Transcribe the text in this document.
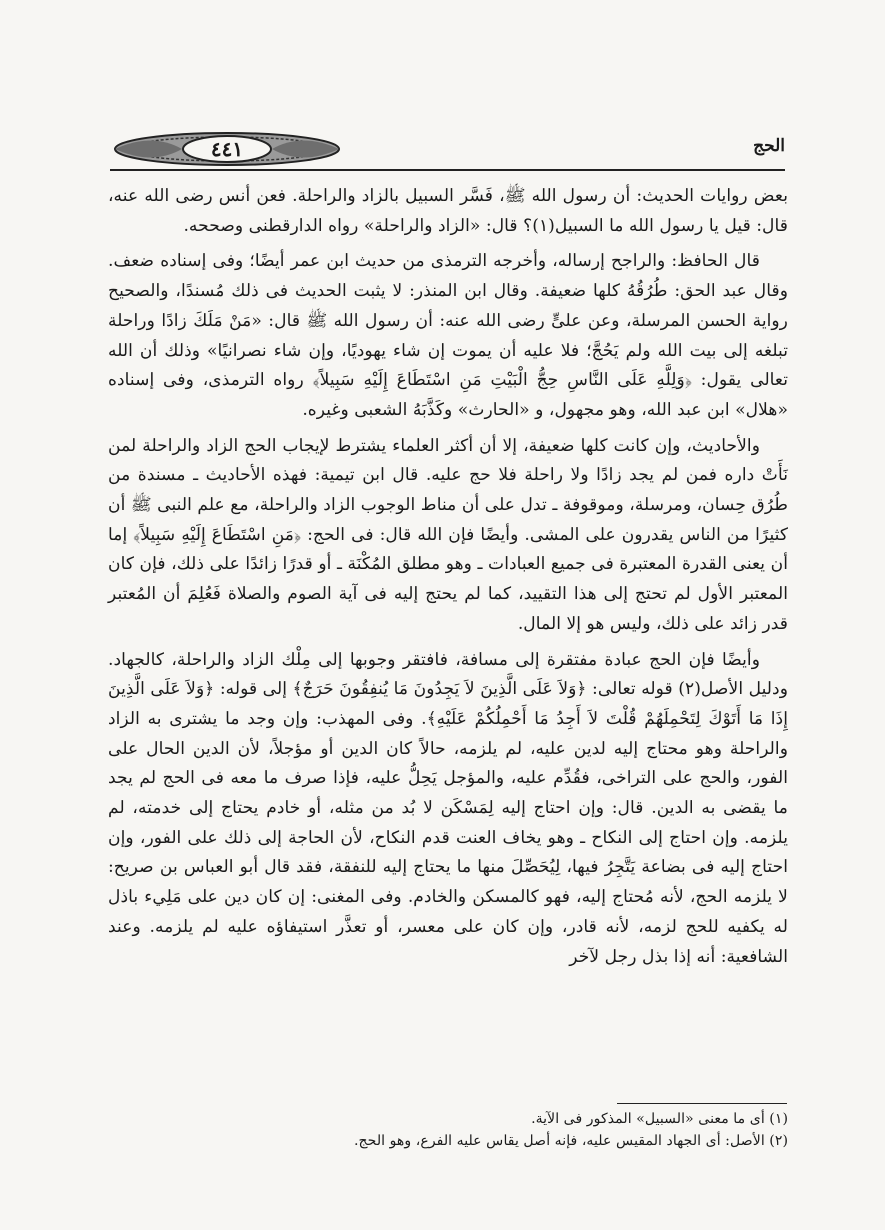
الحج
٤٤١

بعض روايات الحديث: أن رسول الله ﷺ، فَسَّر السبيل بالزاد والراحلة. فعن أنس رضى الله عنه، قال: قيل يا رسول الله ما السبيل(١)؟ قال: «الزاد والراحلة» رواه الدارقطنى وصححه.

قال الحافظ: والراجح إرساله، وأخرجه الترمذى من حديث ابن عمر أيضًا؛ وفى إسناده ضعف. وقال عبد الحق: طُرُقُهُ كلها ضعيفة. وقال ابن المنذر: لا يثبت الحديث فى ذلك مُسندًا، والصحيح رواية الحسن المرسلة، وعن علىٍّ رضى الله عنه: أن رسول الله ﷺ قال: «مَنْ مَلَكَ زادًا وراحلة تبلغه إلى بيت الله ولم يَحُجَّ؛ فلا عليه أن يموت إن شاء يهوديًا، وإن شاء نصرانيًا» وذلك أن الله تعالى يقول: ﴿وَلِلَّهِ عَلَى النَّاسِ حِجُّ الْبَيْتِ مَنِ اسْتَطَاعَ إِلَيْهِ سَبِيلاً﴾ رواه الترمذى، وفى إسناده «هلال» ابن عبد الله، وهو مجهول، و «الحارث» وكَذَّبَهُ الشعبى وغيره.

والأحاديث، وإن كانت كلها ضعيفة، إلا أن أكثر العلماء يشترط لإيجاب الحج الزاد والراحلة لمن نَأَتْ داره فمن لم يجد زادًا ولا راحلة فلا حج عليه. قال ابن تيمية: فهذه الأحاديث ـ مسندة من طُرُق حِسان، ومرسلة، وموقوفة ـ تدل على أن مناط الوجوب الزاد والراحلة، مع علم النبى ﷺ أن كثيرًا من الناس يقدرون على المشى. وأيضًا فإن الله قال: فى الحج: ﴿مَنِ اسْتَطَاعَ إِلَيْهِ سَبِيلاً﴾ إما أن يعنى القدرة المعتبرة فى جميع العبادات ـ وهو مطلق المُكْنَة ـ أو قدرًا زائدًا على ذلك، فإن كان المعتبر الأول لم تحتج إلى هذا التقييد، كما لم يحتج إليه فى آية الصوم والصلاة فَعُلِمَ أن المُعتبر قدر زائد على ذلك، وليس هو إلا المال.

وأيضًا فإن الحج عبادة مفتقرة إلى مسافة، فافتقر وجوبها إلى مِلْك الزاد والراحلة، كالجهاد. ودليل الأصل(٢) قوله تعالى: ﴿وَلاَ عَلَى الَّذِينَ لاَ يَجِدُونَ مَا يُنفِقُونَ حَرَجٌ﴾ إلى قوله: ﴿وَلاَ عَلَى الَّذِينَ إِذَا مَا أَتَوْكَ لِتَحْمِلَهُمْ قُلْتَ لاَ أَجِدُ مَا أَحْمِلُكُمْ عَلَيْهِ﴾. وفى المهذب: وإن وجد ما يشترى به الزاد والراحلة وهو محتاج إليه لدين عليه، لم يلزمه، حالاً كان الدين أو مؤجلاً، لأن الدين الحال على الفور، والحج على التراخى، فقُدِّم عليه، والمؤجل يَحِلُّ عليه، فإذا صرف ما معه فى الحج لم يجد ما يقضى به الدين. قال: وإن احتاج إليه لِمَسْكَن لا بُد من مثله، أو خادم يحتاج إلى خدمته، لم يلزمه. وإن احتاج إلى النكاح ـ وهو يخاف العنت قدم النكاح، لأن الحاجة إلى ذلك على الفور، وإن احتاج إليه فى بضاعة يَتَّجِرُ فيها، لِيُحَصِّلَ منها ما يحتاج إليه للنفقة، فقد قال أبو العباس بن صريح: لا يلزمه الحج، لأنه مُحتاج إليه، فهو كالمسكن والخادم. وفى المغنى: إن كان دين على مَلِيء باذل له يكفيه للحج لزمه، لأنه قادر، وإن كان على معسر، أو تعذَّر استيفاؤه عليه لم يلزمه. وعند الشافعية: أنه إذا بذل رجل لآخر

(١) أى ما معنى «السبيل» المذكور فى الآية.
(٢) الأصل: أى الجهاد المقيس عليه، فإنه أصل يقاس عليه الفرع، وهو الحج.
